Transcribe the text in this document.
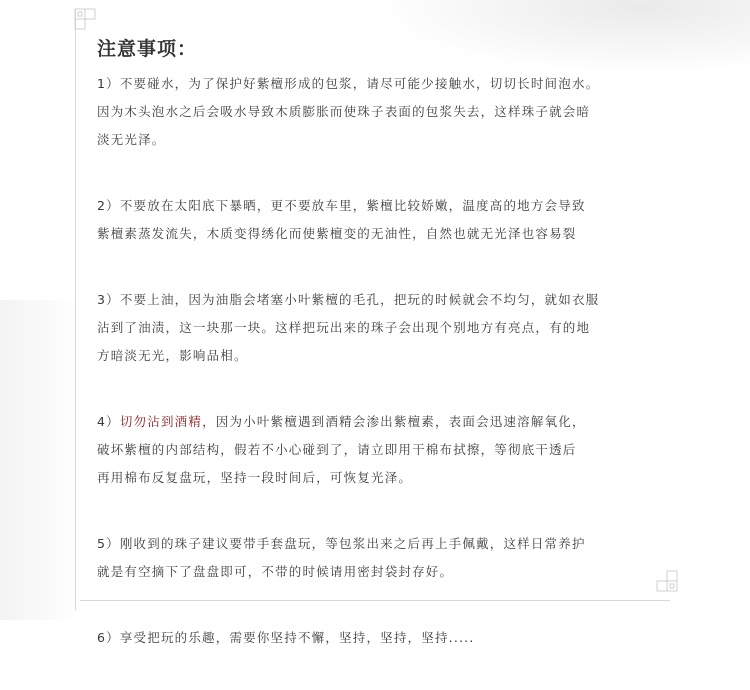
注意事项：

1）不要碰水，为了保护好紫檀形成的包浆，请尽可能少接触水，切切长时间泡水。
因为木头泡水之后会吸水导致木质膨胀而使珠子表面的包浆失去，这样珠子就会暗
淡无光泽。

2）不要放在太阳底下暴晒，更不要放车里，紫檀比较娇嫩，温度高的地方会导致
紫檀素蒸发流失，木质变得绣化而使紫檀变的无油性，自然也就无光泽也容易裂

3）不要上油，因为油脂会堵塞小叶紫檀的毛孔，把玩的时候就会不均匀，就如衣服
沾到了油渍，这一块那一块。这样把玩出来的珠子会出现个别地方有亮点，有的地
方暗淡无光，影响品相。

4）切勿沾到酒精，因为小叶紫檀遇到酒精会渗出紫檀素，表面会迅速溶解氧化，
破坏紫檀的内部结构，假若不小心碰到了，请立即用干棉布拭擦，等彻底干透后
再用棉布反复盘玩，坚持一段时间后，可恢复光泽。

5）刚收到的珠子建议要带手套盘玩，等包浆出来之后再上手佩戴，这样日常养护
就是有空摘下了盘盘即可，不带的时候请用密封袋封存好。

6）享受把玩的乐趣，需要你坚持不懈，坚持，坚持，坚持.....
